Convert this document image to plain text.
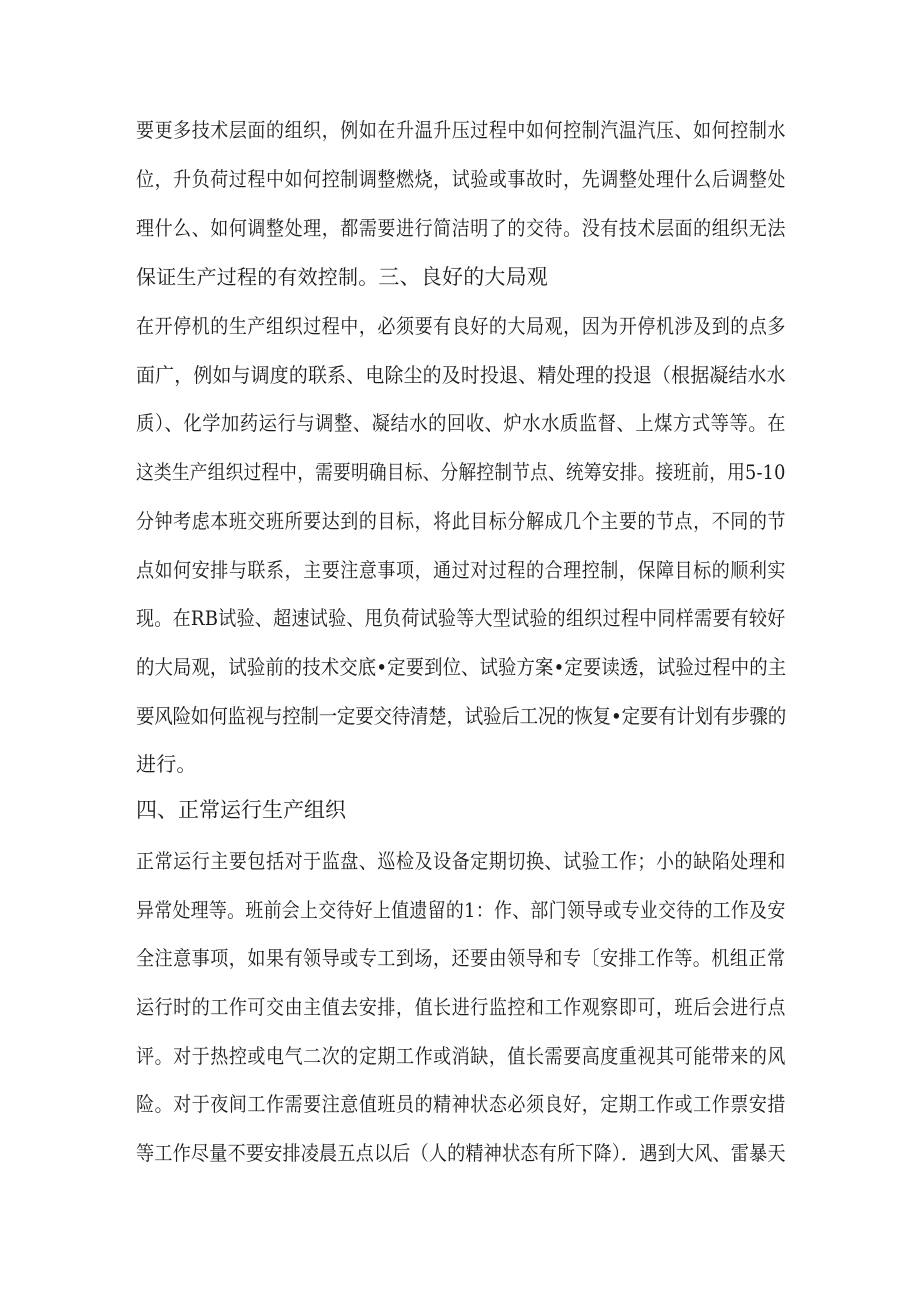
要更多技术层面的组织，例如在升温升压过程中如何控制汽温汽压、如何控制水
位，升负荷过程中如何控制调整燃烧，试验或事故时，先调整处理什么后调整处
理什么、如何调整处理，都需要进行简洁明了的交待。没有技术层面的组织无法
保证生产过程的有效控制。三、良好的大局观
在开停机的生产组织过程中，必须要有良好的大局观，因为开停机涉及到的点多
面广，例如与调度的联系、电除尘的及时投退、精处理的投退（根据凝结水水
质）、化学加药运行与调整、凝结水的回收、炉水水质监督、上煤方式等等。在
这类生产组织过程中，需要明确目标、分解控制节点、统筹安排。接班前，用5-10
分钟考虑本班交班所要达到的目标，将此目标分解成几个主要的节点，不同的节
点如何安排与联系，主要注意事项，通过对过程的合理控制，保障目标的顺利实
现。在RB试验、超速试验、甩负荷试验等大型试验的组织过程中同样需要有较好
的大局观，试验前的技术交底•定要到位、试验方案•定要读透，试验过程中的主
要风险如何监视与控制一定要交待清楚，试验后工况的恢复•定要有计划有步骤的
进行。
四、正常运行生产组织
正常运行主要包括对于监盘、巡检及设备定期切换、试验工作；小的缺陷处理和
异常处理等。班前会上交待好上值遗留的1：作、部门领导或专业交待的工作及安
全注意事项，如果有领导或专工到场，还要由领导和专〔安排工作等。机组正常
运行时的工作可交由主值去安排，值长进行监控和工作观察即可，班后会进行点
评。对于热控或电气二次的定期工作或消缺，值长需要高度重视其可能带来的风
险。对于夜间工作需要注意值班员的精神状态必须良好，定期工作或工作票安措
等工作尽量不要安排凌晨五点以后（人的精神状态有所下降）．遇到大风、雷暴天
